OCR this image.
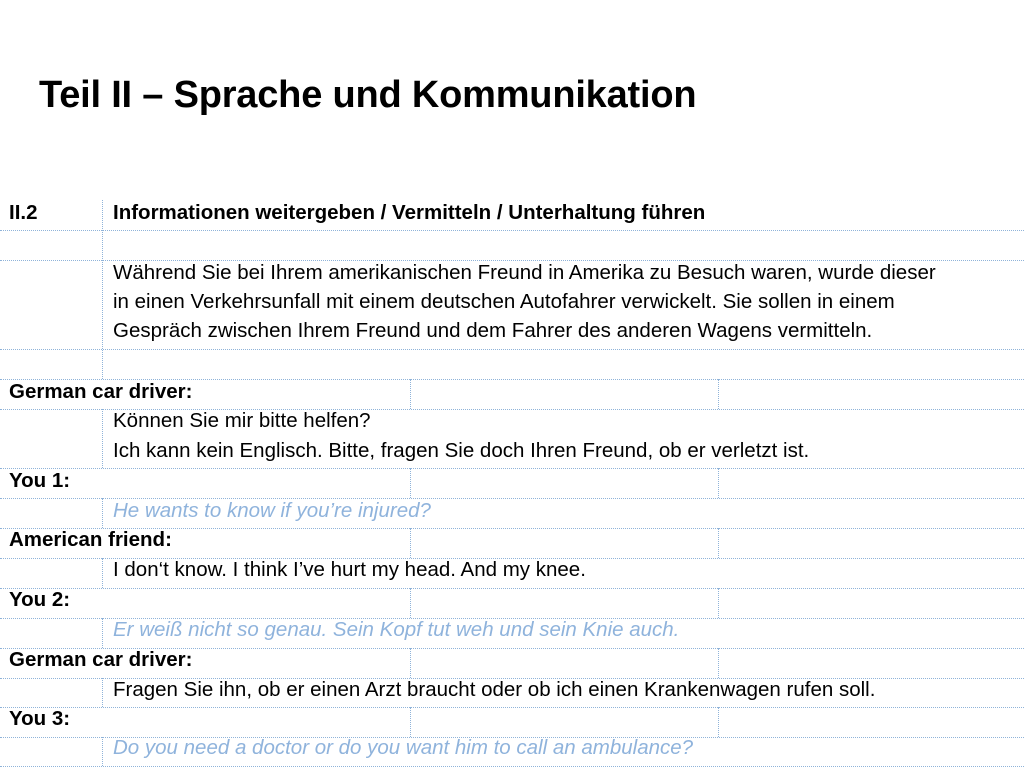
Teil II – Sprache und Kommunikation
II.2	Informationen weitergeben / Vermitteln / Unterhaltung führen
Während Sie bei Ihrem amerikanischen Freund in Amerika zu Besuch waren, wurde dieser
in einen Verkehrsunfall mit einem deutschen Autofahrer verwickelt. Sie sollen in einem
Gespräch zwischen Ihrem Freund und dem Fahrer des anderen Wagens vermitteln.
German car driver:
Können Sie mir bitte helfen?
Ich kann kein Englisch. Bitte, fragen Sie doch Ihren Freund, ob er verletzt ist.
You 1:
He wants to know if you’re injured?
American friend:
I don‘t know. I think I’ve hurt my head. And my knee.
You 2:
Er weiß nicht so genau. Sein Kopf tut weh und sein Knie auch.
German car driver:
Fragen Sie ihn, ob er einen Arzt braucht oder ob ich einen Krankenwagen rufen soll.
You 3:
Do you need a doctor or do you want him to call an ambulance?
